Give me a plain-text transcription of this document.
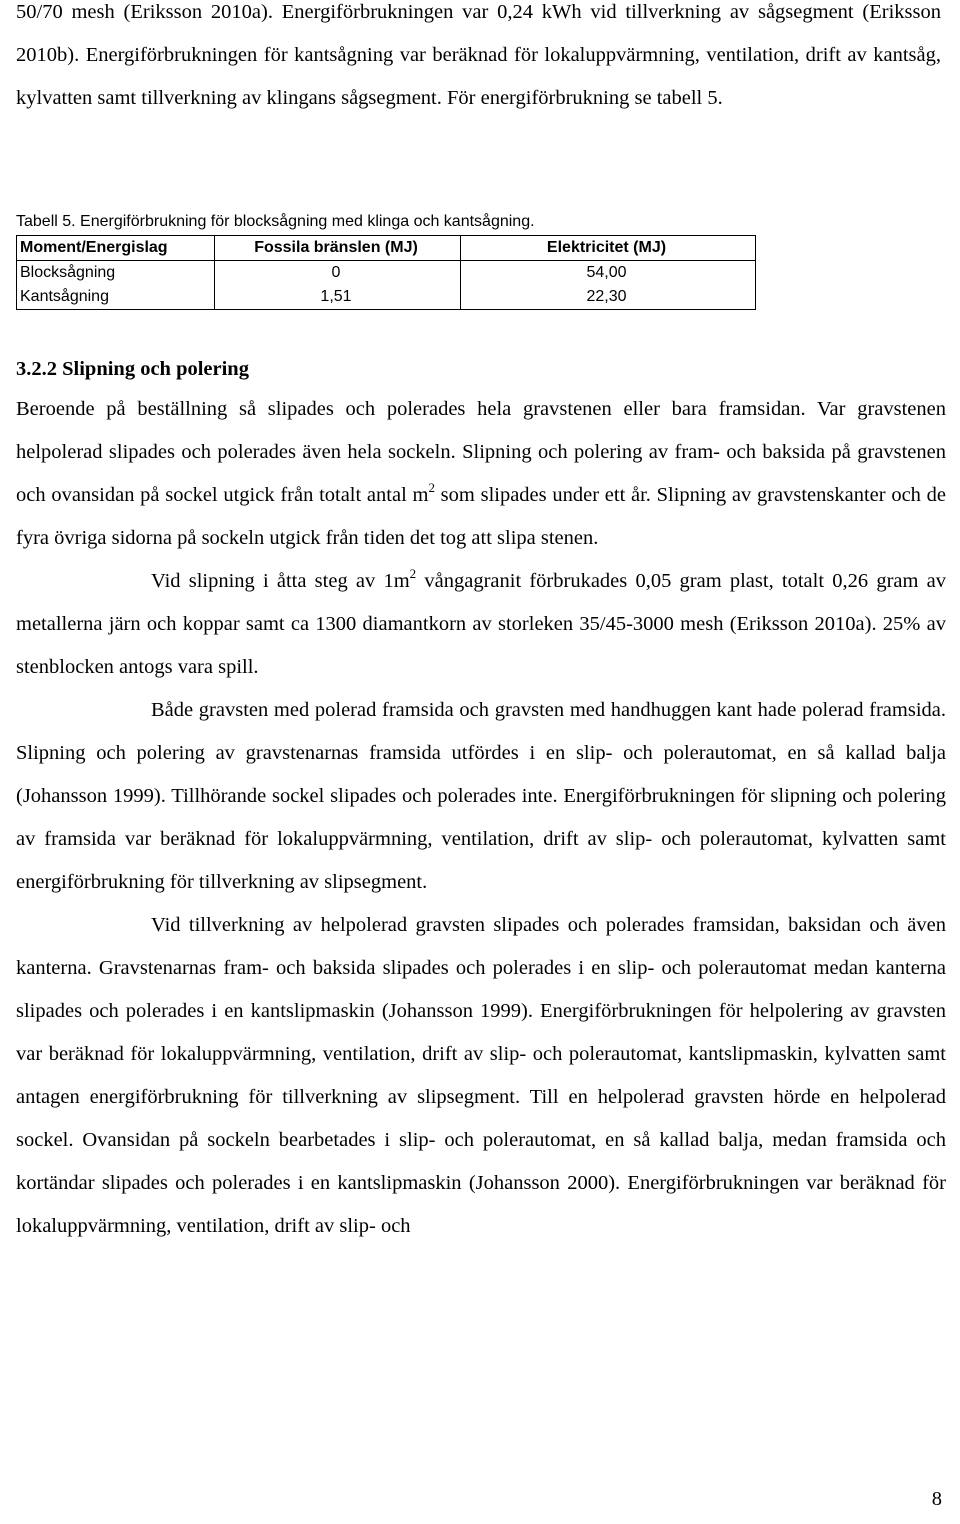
50/70 mesh (Eriksson 2010a). Energiförbrukningen var 0,24 kWh vid tillverkning av sågsegment (Eriksson 2010b). Energiförbrukningen för kantsågning var beräknad för lokaluppvärmning, ventilation, drift av kantsåg, kylvatten samt tillverkning av klingans sågsegment. För energiförbrukning se tabell 5.

Tabell 5. Energiförbrukning för blocksågning med klinga och kantsågning.
Moment/Energislag	Fossila bränslen (MJ)	Elektricitet (MJ)
Blocksågning	0	54,00
Kantsågning	1,51	22,30
3.2.2 Slipning och polering

Beroende på beställning så slipades och polerades hela gravstenen eller bara framsidan. Var gravstenen helpolerad slipades och polerades även hela sockeln. Slipning och polering av fram- och baksida på gravstenen och ovansidan på sockel utgick från totalt antal $m^2$ som slipades under ett år. Slipning av gravstenskanter och de fyra övriga sidorna på sockeln utgick från tiden det tog att slipa stenen.

Vid slipning i åtta steg av $1m^2$ vångagranit förbrukades 0,05 gram plast, totalt 0,26 gram av metallerna järn och koppar samt ca 1300 diamantkorn av storleken 35/45-3000 mesh (Eriksson 2010a). 25% av stenblocken antogs vara spill.

Både gravsten med polerad framsida och gravsten med handhuggen kant hade polerad framsida. Slipning och polering av gravstenarnas framsida utfördes i en slip- och polerautomat, en så kallad balja (Johansson 1999). Tillhörande sockel slipades och polerades inte. Energiförbrukningen för slipning och polering av framsida var beräknad för lokaluppvärmning, ventilation, drift av slip- och polerautomat, kylvatten samt energiförbrukning för tillverkning av slipsegment.

Vid tillverkning av helpolerad gravsten slipades och polerades framsidan, baksidan och även kanterna. Gravstenarnas fram- och baksida slipades och polerades i en slip- och polerautomat medan kanterna slipades och polerades i en kantslipmaskin (Johansson 1999). Energiförbrukningen för helpolering av gravsten var beräknad för lokaluppvärmning, ventilation, drift av slip- och polerautomat, kantslipmaskin, kylvatten samt antagen energiförbrukning för tillverkning av slipsegment. Till en helpolerad gravsten hörde en helpolerad sockel. Ovansidan på sockeln bearbetades i slip- och polerautomat, en så kallad balja, medan framsida och kortändar slipades och polerades i en kantslipmaskin (Johansson 2000). Energiförbrukningen var beräknad för lokaluppvärmning, ventilation, drift av slip- och

8
